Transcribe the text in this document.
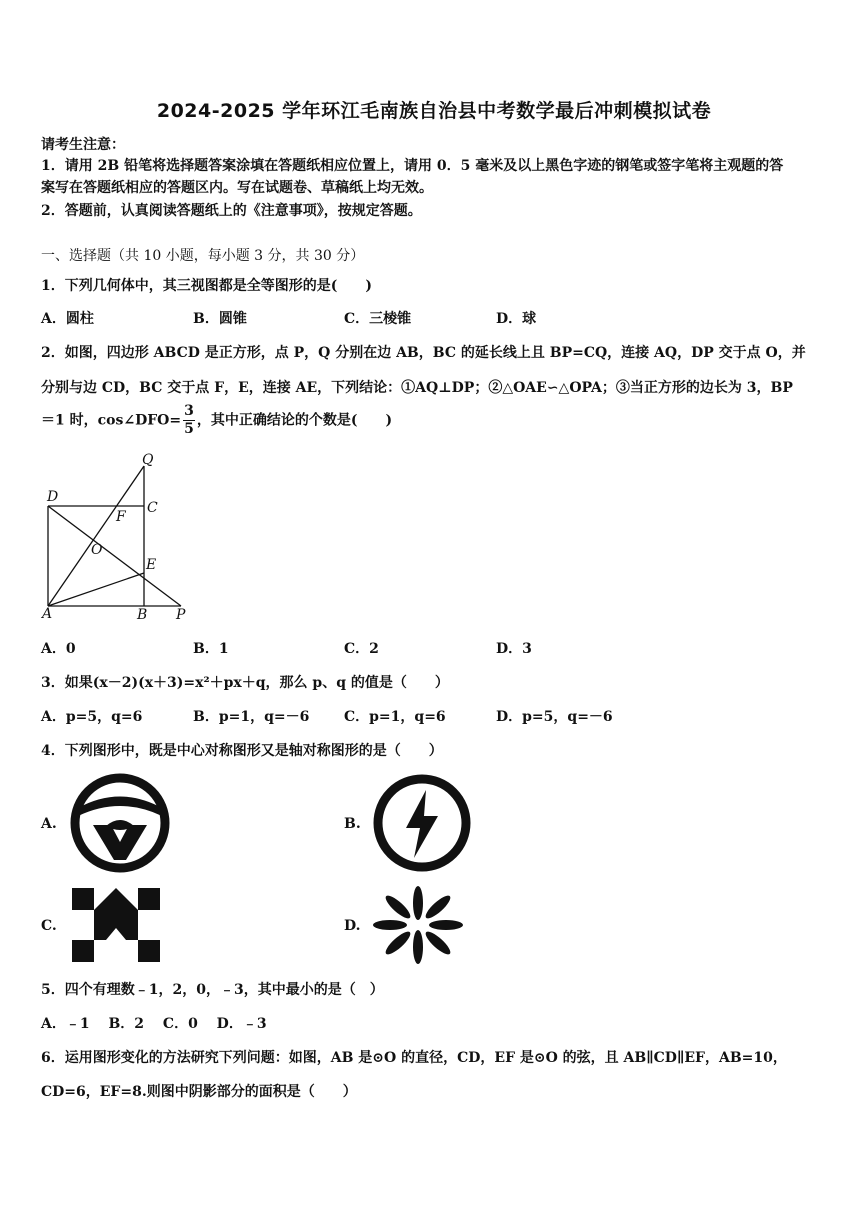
2024-2025 学年环江毛南族自治县中考数学最后冲刺模拟试卷
请考生注意：
1．请用 2B 铅笔将选择题答案涂填在答题纸相应位置上，请用 0．5 毫米及以上黑色字迹的钢笔或签字笔将主观题的答
案写在答题纸相应的答题区内。写在试题卷、草稿纸上均无效。
2．答题前，认真阅读答题纸上的《注意事项》，按规定答题。
一、选择题（共 10 小题，每小题 3 分，共 30 分）
1．下列几何体中，其三视图都是全等图形的是(　　)
A．圆柱	B．圆锥	C．三棱锥	D．球
2．如图，四边形 ABCD 是正方形，点 P，Q 分别在边 AB，BC 的延长线上且 BP=CQ，连接 AQ，DP 交于点 O，并
分别与边 CD，BC 交于点 F，E，连接 AE，下列结论：①AQ⊥DP；②△OAE∽△OPA；③当正方形的边长为 3，BP
＝1 时，cos∠DFO= $\frac{3}{5}$ ，其中正确结论的个数是(　　)
Q
D
C
F
O
E
A	B P
A．0	B．1	C．2	D．3
3．如果(x－2)(x＋3)=x²＋px＋q，那么 p、q 的值是（　　）
A．p=5，q=6	B．p=1，q=－6 C．p=1，q=6	D．p=5，q=－6
4．下列图形中，既是中心对称图形又是轴对称图形的是（　　）
A.	B.
C.	D.
5．四个有理数﹣1，2，0，﹣3，其中最小的是（　）
A．﹣1　 B．2　 C．0　 D．﹣3
6．运用图形变化的方法研究下列问题：如图，AB 是⊙O 的直径，CD，EF 是⊙O 的弦，且 AB∥CD∥EF，AB=10，
CD=6，EF=8.则图中阴影部分的面积是（　　）
